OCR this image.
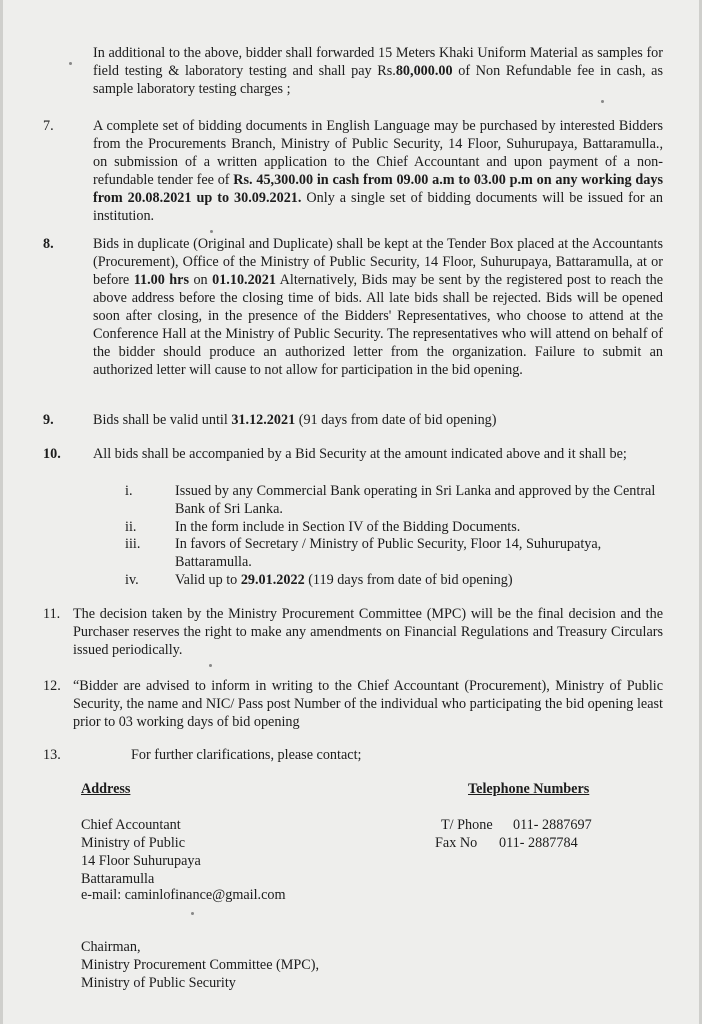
In additional to the above, bidder shall forwarded 15 Meters Khaki Uniform Material as samples for field testing & laboratory testing and shall pay Rs.80,000.00 of Non Refundable fee in cash, as sample laboratory testing charges ;
7.	A complete set of bidding documents in English Language may be purchased by interested Bidders from the Procurements Branch, Ministry of Public Security, 14 Floor, Suhurupaya, Battaramulla., on submission of a written application to the Chief Accountant and upon payment of a non- refundable tender fee of Rs. 45,300.00 in cash from 09.00 a.m to 03.00 p.m on any working days from 20.08.2021 up to 30.09.2021. Only a single set of bidding documents will be issued for an institution.
8.	Bids in duplicate (Original and Duplicate) shall be kept at the Tender Box placed at the Accountants (Procurement), Office of the Ministry of Public Security, 14 Floor, Suhurupaya, Battaramulla, at or before 11.00 hrs on 01.10.2021 Alternatively, Bids may be sent by the registered post to reach the above address before the closing time of bids. All late bids shall be rejected. Bids will be opened soon after closing, in the presence of the Bidders' Representatives, who choose to attend at the Conference Hall at the Ministry of Public Security. The representatives who will attend on behalf of the bidder should produce an authorized letter from the organization. Failure to submit an authorized letter will cause to not allow for participation in the bid opening.
9.	Bids shall be valid until 31.12.2021 (91 days from date of bid opening)
10. All bids shall be accompanied by a Bid Security at the amount indicated above and it shall be;
i.	Issued by any Commercial Bank operating in Sri Lanka and approved by the Central Bank of Sri Lanka.
ii.	In the form include in Section IV of the Bidding Documents.
iii. In favors of Secretary / Ministry of Public Security, Floor 14, Suhurupatya, Battaramulla.
iv.	Valid up to 29.01.2022 (119 days from date of bid opening)
11. The decision taken by the Ministry Procurement Committee (MPC) will be the final decision and the Purchaser reserves the right to make any amendments on Financial Regulations and Treasury Circulars issued periodically.
12. “Bidder are advised to inform in writing to the Chief Accountant (Procurement), Ministry of Public Security, the name and NIC/ Pass post Number of the individual who participating the bid opening least prior to 03 working days of bid opening
13.	For further clarifications, please contact;
Address
Chief Accountant
Ministry of Public
14 Floor Suhurupaya
Battaramulla
e-mail: caminlofinance@gmail.com
Telephone Numbers
T/ Phone 011- 2887697
Fax No 011- 2887784
Chairman,
Ministry Procurement Committee (MPC),
Ministry of Public Security
